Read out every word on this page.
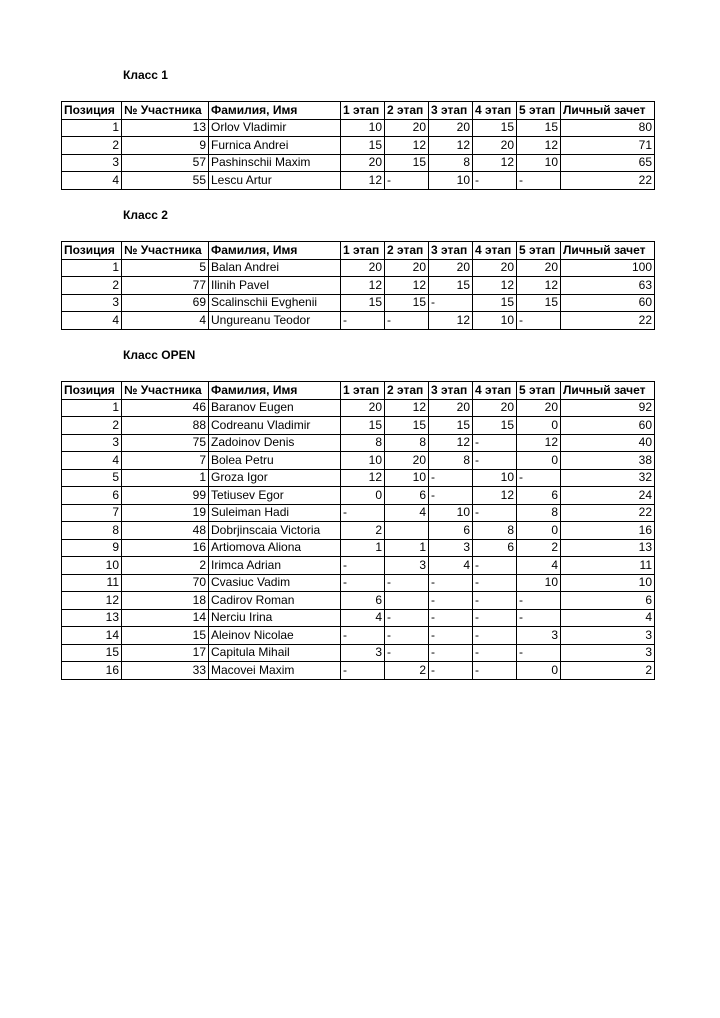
Класс 1
Позиция	№ Участника	Фамилия, Имя	1 этап	2 этап	3 этап	4 этап	5 этап	Личный зачет
1	13	Orlov Vladimir	10	20	20	15	15	80
2	9	Furnica Andrei	15	12	12	20	12	71
3	57	Pashinschii Maxim	20	15	8	12	10	65
4	55	Lescu Artur	12	-	10	-	-	22
Класс 2
Позиция	№ Участника	Фамилия, Имя	1 этап	2 этап	3 этап	4 этап	5 этап	Личный зачет
1	5	Balan Andrei	20	20	20	20	20	100
2	77	Ilinih Pavel	12	12	15	12	12	63
3	69	Scalinschii Evghenii	15	15	-	15	15	60
4	4	Ungureanu Teodor	-	-	12	10	-	22
Класс OPEN
Позиция	№ Участника	Фамилия, Имя	1 этап	2 этап	3 этап	4 этап	5 этап	Личный зачет
1	46	Baranov Eugen	20	12	20	20	20	92
2	88	Codreanu Vladimir	15	15	15	15	0	60
3	75	Zadoinov Denis	8	8	12	-	12	40
4	7	Bolea Petru	10	20	8	-	0	38
5	1	Groza Igor	12	10	-	10	-	32
6	99	Tetiusev Egor	0	6	-	12	6	24
7	19	Suleiman Hadi	-	4	10	-	8	22
8	48	Dobrjinscaia Victoria	2		6	8	0	16
9	16	Artiomova Aliona	1	1	3	6	2	13
10	2	Irimca Adrian	-	3	4	-	4	11
11	70	Cvasiuc Vadim	-	-	-	-	10	10
12	18	Cadirov Roman	6		-	-	-	6
13	14	Nerciu Irina	4	-	-	-	-	4
14	15	Aleinov Nicolae	-	-	-	-	3	3
15	17	Capitula Mihail	3	-	-	-	-	3
16	33	Macovei Maxim	-	2	-	-	0	2
